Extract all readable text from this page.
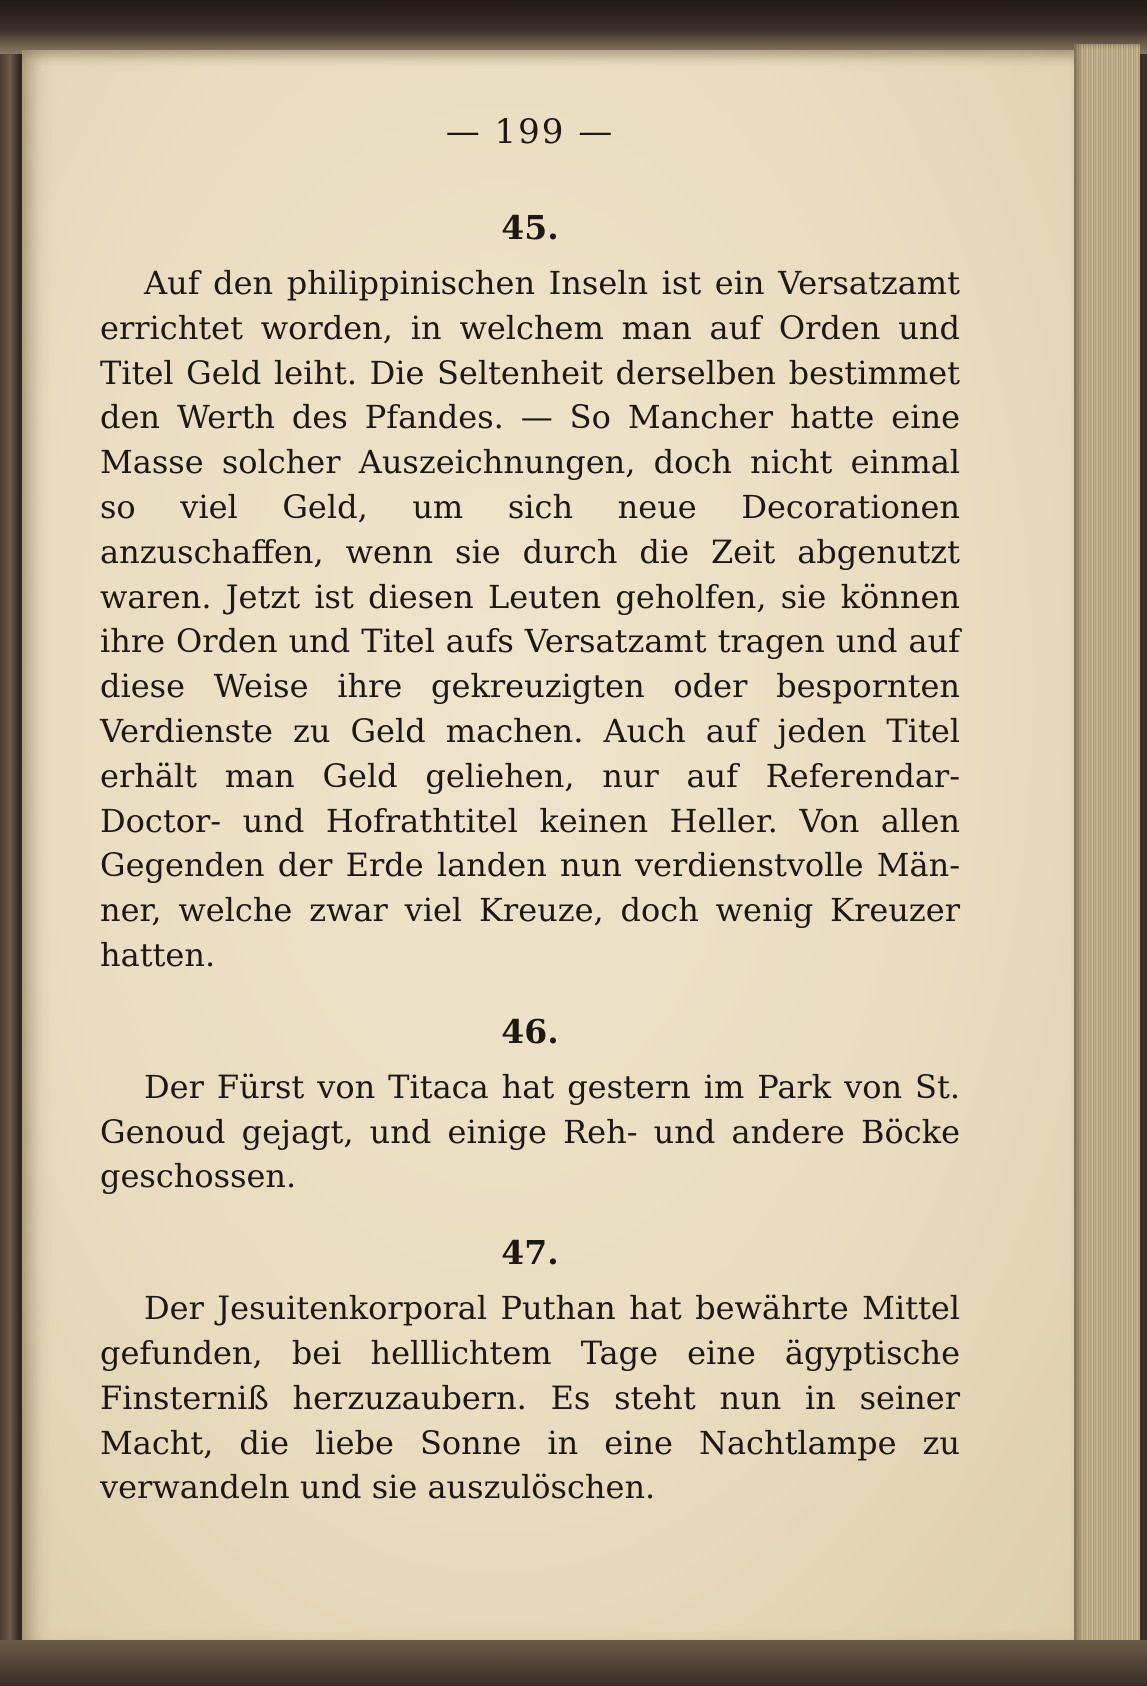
— 199 —
45.

Auf den philippinischen Inseln ist ein Versatzamt errichtet worden, in welchem man auf Orden und Titel Geld leiht. Die Seltenheit derselben bestimmet den Werth des Pfandes. — So Mancher hatte eine Masse solcher Auszeichnungen, doch nicht einmal so viel Geld, um sich neue Decorationen anzuschaffen, wenn sie durch die Zeit abgenutzt waren. Jetzt ist diesen Leuten geholfen, sie können ihre Orden und Titel aufs Versatzamt tragen und auf diese Weise ihre gekreuzigten oder bespornten Verdienste zu Geld machen. Auch auf jeden Titel erhält man Geld geliehen, nur auf Referendar- Doctor- und Hofrathtitel keinen Heller. Von allen Gegenden der Erde landen nun verdienstvolle Männer, welche zwar viel Kreuze, doch wenig Kreuzer hatten.

46.

Der Fürst von Titaca hat gestern im Park von St. Genoud gejagt, und einige Reh- und andere Böcke geschossen.

47.

Der Jesuitenkorporal Puthan hat bewährte Mittel gefunden, bei helllichtem Tage eine ägyptische Finsterniß herzuzaubern. Es steht nun in seiner Macht, die liebe Sonne in eine Nachtlampe zu verwandeln und sie auszulöschen.
